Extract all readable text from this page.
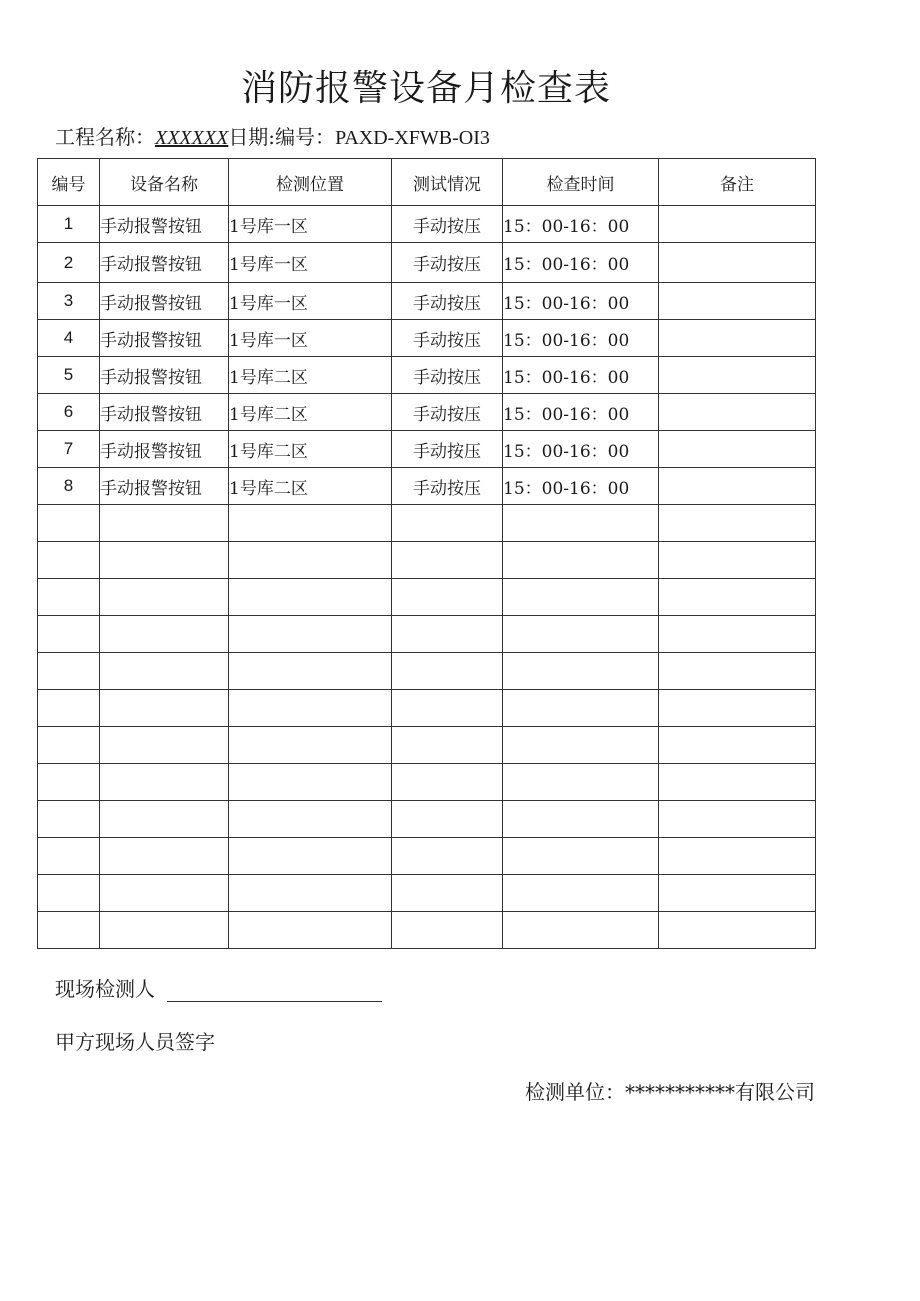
消防报警设备月检查表
工程名称：XXXXXX日期:编号：PAXD-XFWB-OI3
编号	设备名称	检测位置	测试情况	检查时间	备注
1	手动报警按钮	1号库一区	手动按压	15：00-16：00	
2	手动报警按钮	1号库一区	手动按压	15：00-16：00	
3	手动报警按钮	1号库一区	手动按压	15：00-16：00	
4	手动报警按钮	1号库一区	手动按压	15：00-16：00	
5	手动报警按钮	1号库二区	手动按压	15：00-16：00	
6	手动报警按钮	1号库二区	手动按压	15：00-16：00	
7	手动报警按钮	1号库二区	手动按压	15：00-16：00	
8	手动报警按钮	1号库二区	手动按压	15：00-16：00	

现场检测人
甲方现场人员签字
检测单位：***********有限公司
